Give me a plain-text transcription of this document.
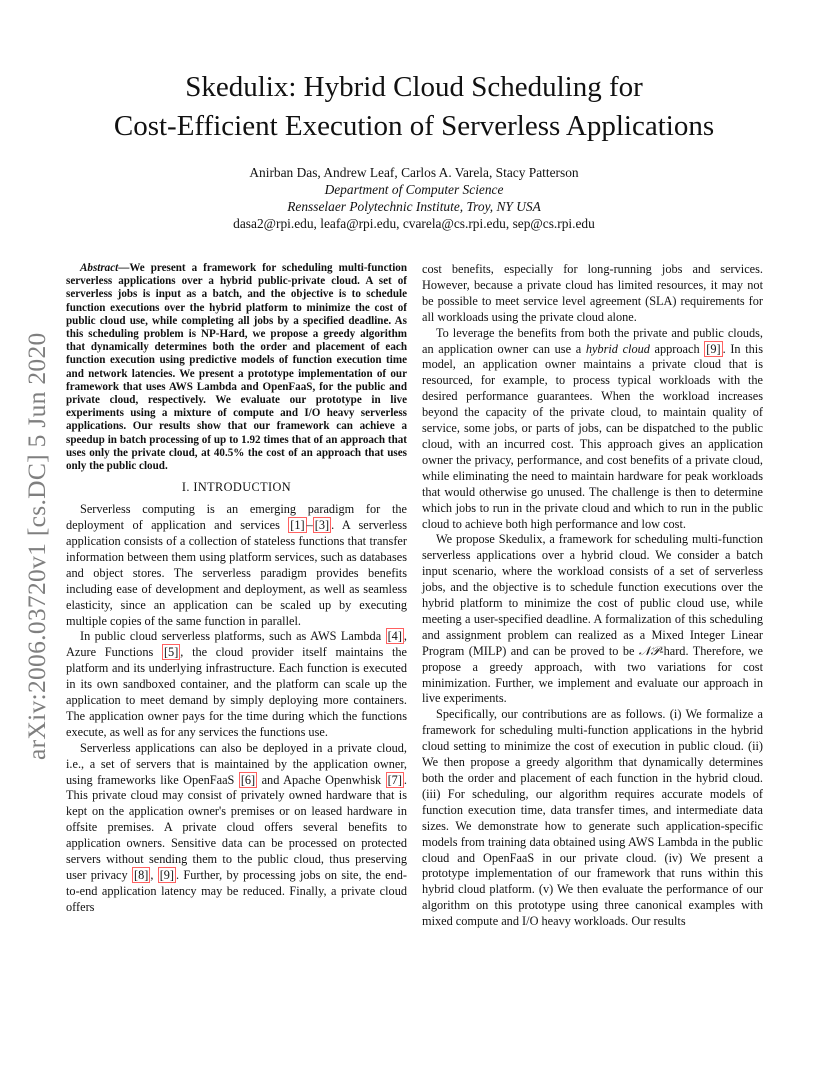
arXiv:2006.03720v1 [cs.DC] 5 Jun 2020
Skedulix: Hybrid Cloud Scheduling for
Cost-Efficient Execution of Serverless Applications
Anirban Das, Andrew Leaf, Carlos A. Varela, Stacy Patterson
Department of Computer Science
Rensselaer Polytechnic Institute, Troy, NY USA
dasa2@rpi.edu, leafa@rpi.edu, cvarela@cs.rpi.edu, sep@cs.rpi.edu

Abstract—We present a framework for scheduling multi-function serverless applications over a hybrid public-private cloud. A set of serverless jobs is input as a batch, and the objective is to schedule function executions over the hybrid platform to minimize the cost of public cloud use, while completing all jobs by a specified deadline. As this scheduling problem is NP-Hard, we propose a greedy algorithm that dynamically determines both the order and placement of each function execution using predictive models of function execution time and network latencies. We present a prototype implementation of our framework that uses AWS Lambda and OpenFaaS, for the public and private cloud, respectively. We evaluate our prototype in live experiments using a mixture of compute and I/O heavy serverless applications. Our results show that our framework can achieve a speedup in batch processing of up to 1.92 times that of an approach that uses only the private cloud, at 40.5% the cost of an approach that uses only the public cloud.

I. INTRODUCTION

Serverless computing is an emerging paradigm for the deployment of application and services [1] – [3] . A serverless application consists of a collection of stateless functions that transfer information between them using platform services, such as databases and object stores. The serverless paradigm provides benefits including ease of development and deployment, as well as seamless elasticity, since an application can be scaled up by executing multiple copies of the same function in parallel.

In public cloud serverless platforms, such as AWS Lambda [4] , Azure Functions [5] , the cloud provider itself maintains the platform and its underlying infrastructure. Each function is executed in its own sandboxed container, and the platform can scale up the application to meet demand by simply deploying more containers. The application owner pays for the time during which the functions execute, as well as for any services the functions use.

Serverless applications can also be deployed in a private cloud, i.e., a set of servers that is maintained by the application owner, using frameworks like OpenFaaS [6] and Apache Openwhisk [7] . This private cloud may consist of privately owned hardware that is kept on the application owner's premises or on leased hardware in offsite premises. A private cloud offers several benefits to application owners. Sensitive data can be processed on protected servers without sending them to the public cloud, thus preserving user privacy [8] , [9] . Further, by processing jobs on site, the end-to-end application latency may be reduced. Finally, a private cloud offers

cost benefits, especially for long-running jobs and services. However, because a private cloud has limited resources, it may not be possible to meet service level agreement (SLA) requirements for all workloads using the private cloud alone.

To leverage the benefits from both the private and public clouds, an application owner can use a hybrid cloud approach [9] . In this model, an application owner maintains a private cloud that is resourced, for example, to process typical workloads with the desired performance guarantees. When the workload increases beyond the capacity of the private cloud, to maintain quality of service, some jobs, or parts of jobs, can be dispatched to the public cloud, with an incurred cost. This approach gives an application owner the privacy, performance, and cost benefits of a private cloud, while eliminating the need to maintain hardware for peak workloads that would otherwise go unused. The challenge is then to determine which jobs to run in the private cloud and which to run in the public cloud to achieve both high performance and low cost.

We propose Skedulix, a framework for scheduling multi-function serverless applications over a hybrid cloud. We consider a batch input scenario, where the workload consists of a set of serverless jobs, and the objective is to schedule function executions over the hybrid platform to minimize the cost of public cloud use, while meeting a user-specified deadline. A formalization of this scheduling and assignment problem can realized as a Mixed Integer Linear Program (MILP) and can be proved to be 𝒩𝒫-hard. Therefore, we propose a greedy approach, with two variations for cost minimization. Further, we implement and evaluate our approach in live experiments.

Specifically, our contributions are as follows. (i) We formalize a framework for scheduling multi-function applications in the hybrid cloud setting to minimize the cost of execution in public cloud. (ii) We then propose a greedy algorithm that dynamically determines both the order and placement of each function in the hybrid cloud. (iii) For scheduling, our algorithm requires accurate models of function execution time, data transfer times, and intermediate data sizes. We demonstrate how to generate such application-specific models from training data obtained using AWS Lambda in the public cloud and OpenFaaS in our private cloud. (iv) We present a prototype implementation of our framework that runs within this hybrid cloud platform. (v) We then evaluate the performance of our algorithm on this prototype using three canonical examples with mixed compute and I/O heavy workloads. Our results
